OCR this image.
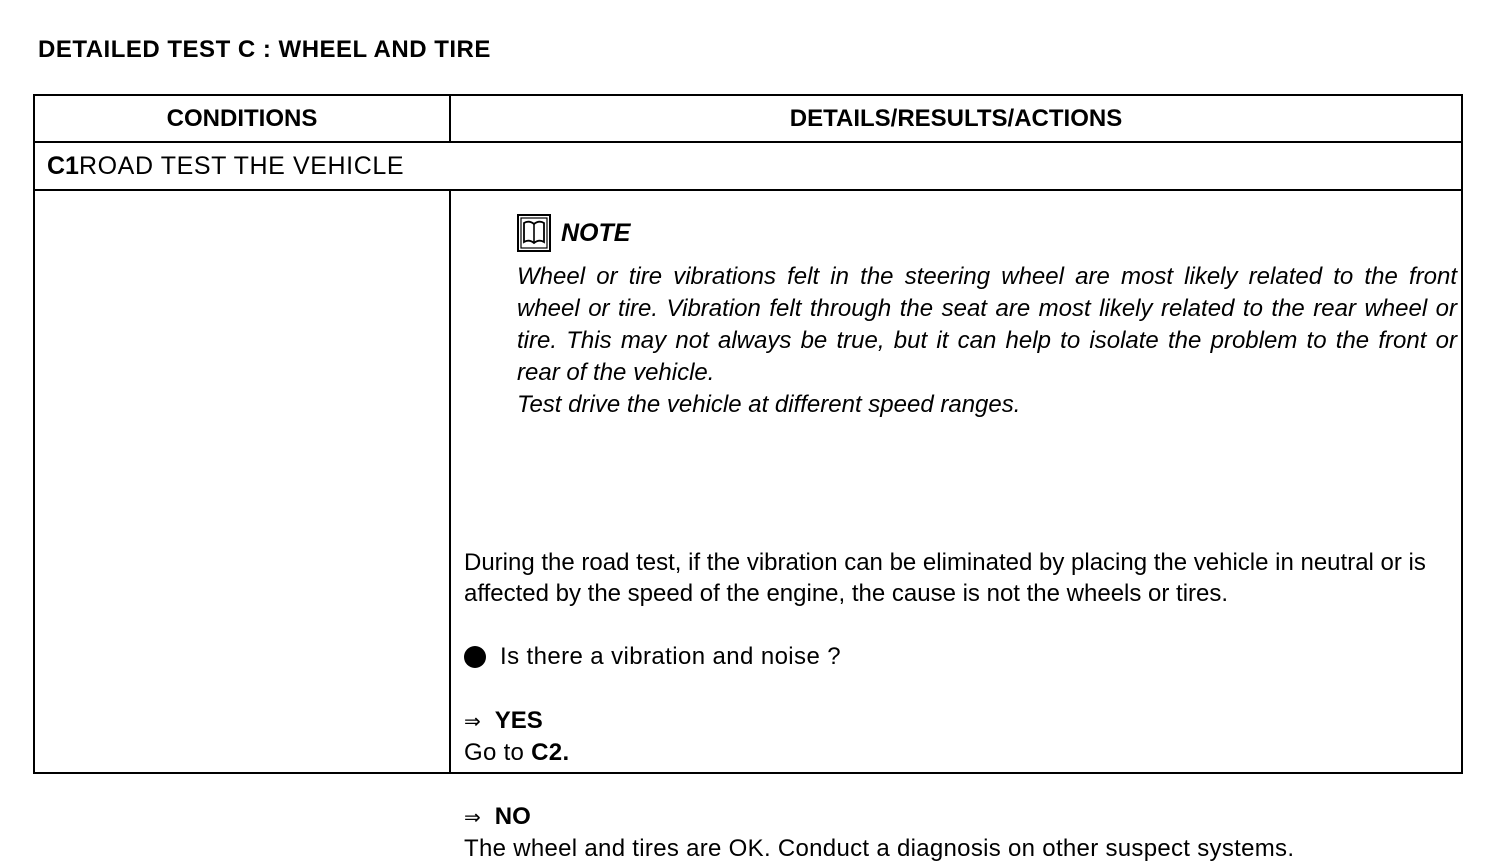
DETAILED TEST C : WHEEL AND TIRE
CONDITIONS	DETAILS/RESULTS/ACTIONS
C1ROAD TEST THE VEHICLE
NOTE

Wheel or tire vibrations felt in the steering wheel are most likely related to the front wheel or tire. Vibration felt through the seat are most likely related to the rear wheel or tire. This may not always be true, but it can help to isolate the problem to the front or rear of the vehicle.

Test drive the vehicle at different speed ranges.

During the road test, if the vibration can be eliminated by placing the vehicle in neutral or is affected by the speed of the engine, the cause is not the wheels or tires.

Is there a vibration and noise ?
⇒ YES
Go to C2.
⇒ NO
The wheel and tires are OK. Conduct a diagnosis on other suspect systems.
